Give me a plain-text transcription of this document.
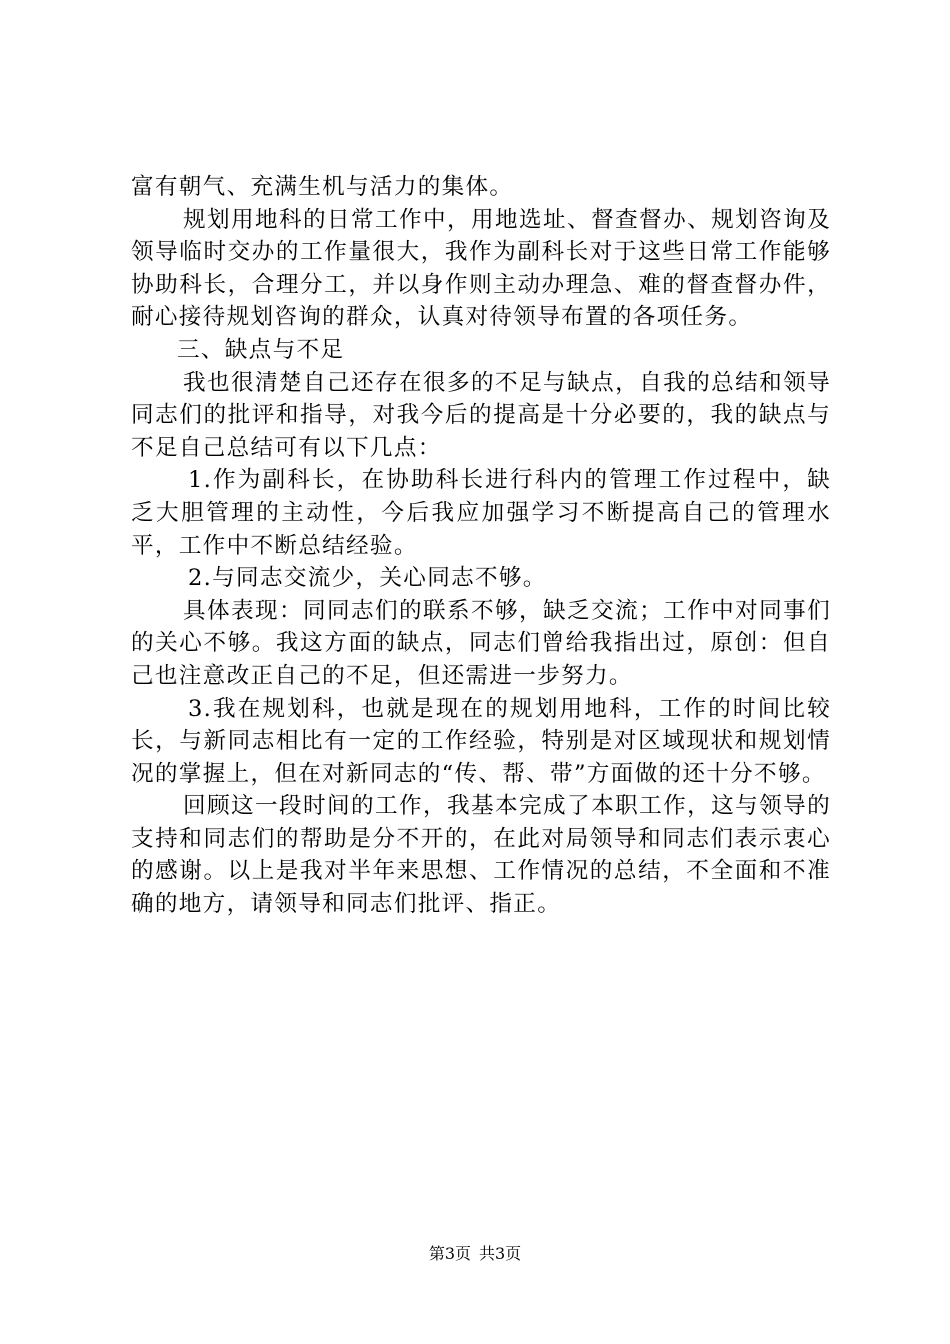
富有朝气、充满生机与活力的集体。

规划用地科的日常工作中，用地选址、督查督办、规划咨询及领导临时交办的工作量很大，我作为副科长对于这些日常工作能够协助科长，合理分工，并以身作则主动办理急、难的督查督办件，耐心接待规划咨询的群众，认真对待领导布置的各项任务。

三、缺点与不足

我也很清楚自己还存在很多的不足与缺点，自我的总结和领导同志们的批评和指导，对我今后的提高是十分必要的，我的缺点与不足自己总结可有以下几点：

1.作为副科长，在协助科长进行科内的管理工作过程中，缺乏大胆管理的主动性，今后我应加强学习不断提高自己的管理水平，工作中不断总结经验。

2.与同志交流少，关心同志不够。

具体表现：同同志们的联系不够，缺乏交流；工作中对同事们的关心不够。我这方面的缺点，同志们曾给我指出过，原创：但自己也注意改正自己的不足，但还需进一步努力。

3.我在规划科，也就是现在的规划用地科，工作的时间比较长，与新同志相比有一定的工作经验，特别是对区域现状和规划情况的掌握上，但在对新同志的“传、帮、带”方面做的还十分不够。

回顾这一段时间的工作，我基本完成了本职工作，这与领导的支持和同志们的帮助是分不开的，在此对局领导和同志们表示衷心的感谢。以上是我对半年来思想、工作情况的总结，不全面和不准确的地方，请领导和同志们批评、指正。

第3页 共3页
